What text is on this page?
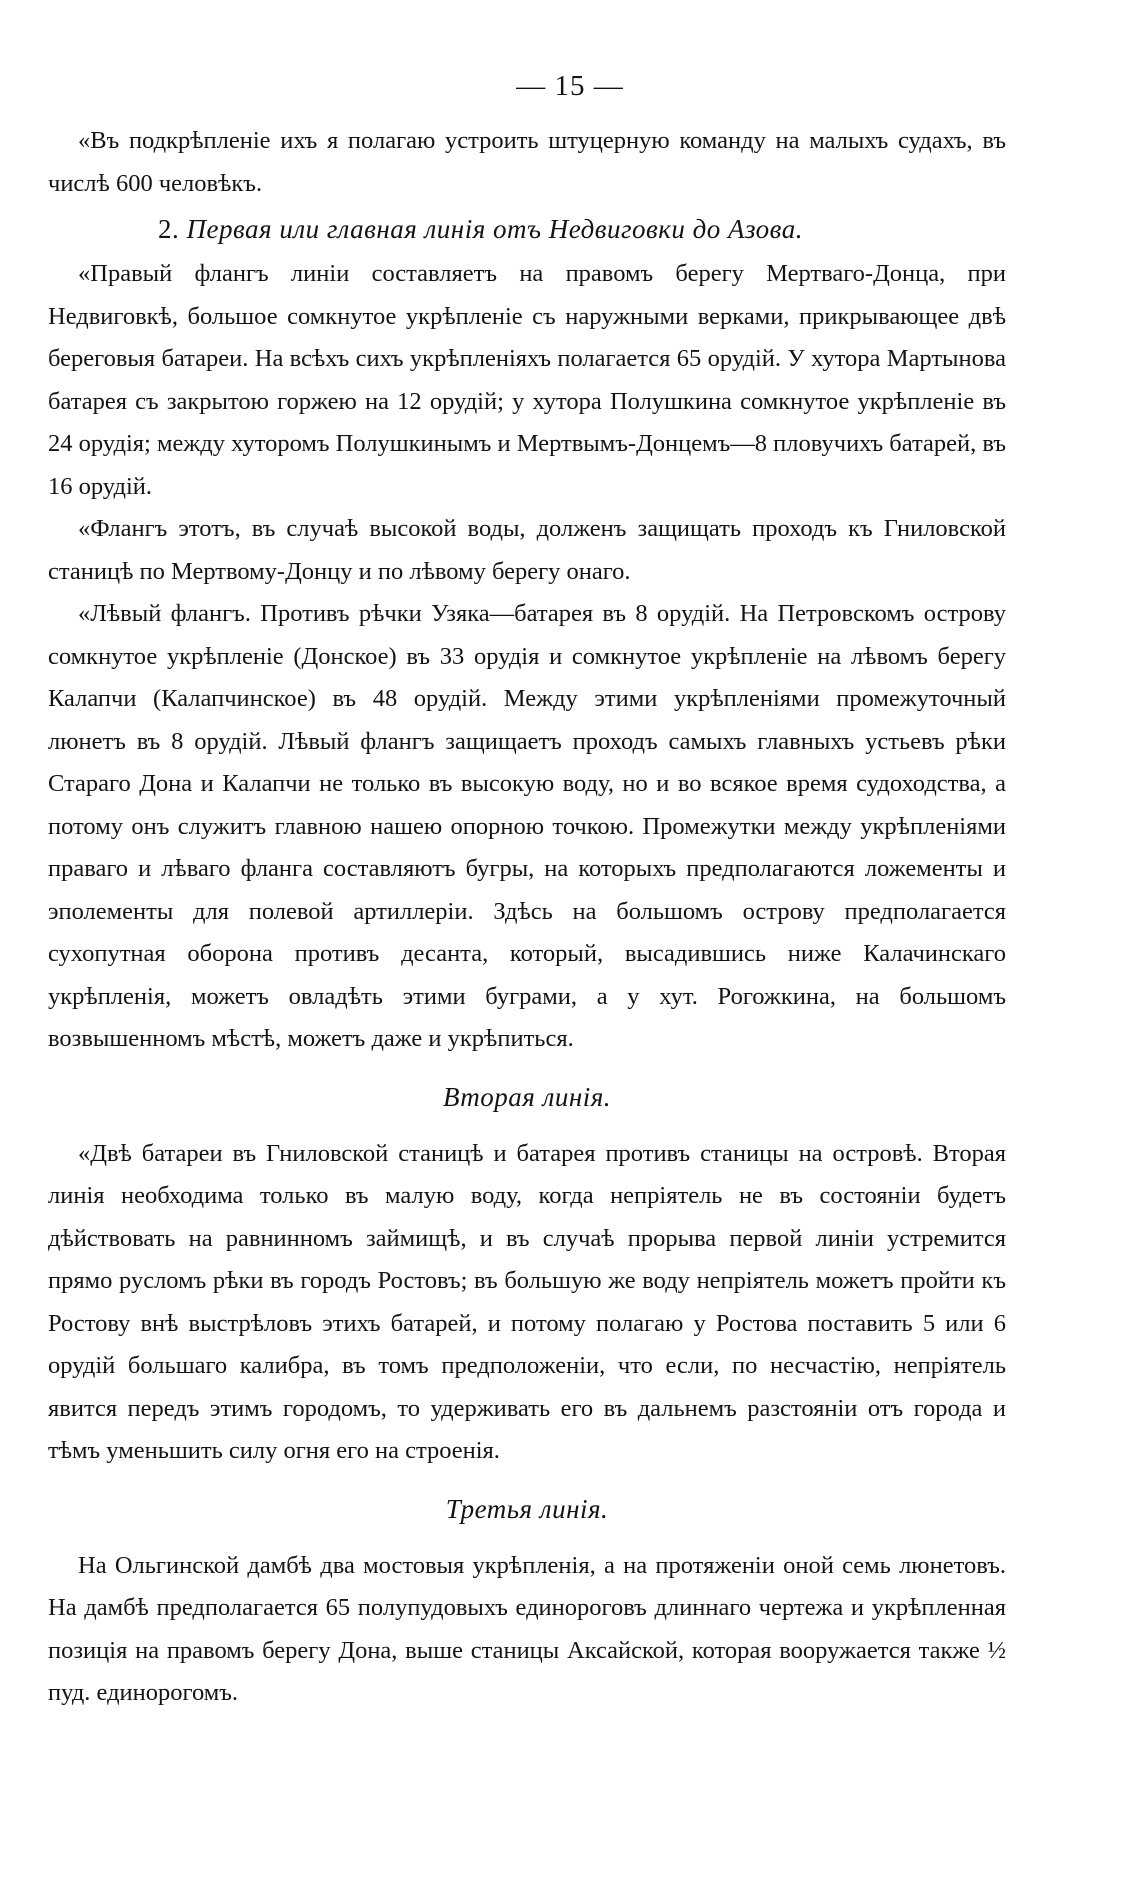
— 15 —

«Въ подкрѣпленіе ихъ я полагаю устроить штуцерную команду на малыхъ судахъ, въ числѣ 600 человѣкъ.

2. Первая или главная линія отъ Недвиговки до Азова.

«Правый флангъ линіи составляетъ на правомъ берегу Мертваго-Донца, при Недвиговкѣ, большое сомкнутое укрѣпленіе съ наружными верками, прикрывающее двѣ береговыя батареи. На всѣхъ сихъ укрѣпленіяхъ полагается 65 орудій. У хутора Мартынова батарея съ закрытою горжею на 12 орудій; у хутора Полушкина сомкнутое укрѣпленіе въ 24 орудія; между хуторомъ Полушкинымъ и Мертвымъ-Донцемъ—8 пловучихъ батарей, въ 16 орудій.

«Флангъ этотъ, въ случаѣ высокой воды, долженъ защищать проходъ къ Гниловской станицѣ по Мертвому-Донцу и по лѣвому берегу онаго.

«Лѣвый флангъ. Противъ рѣчки Узяка—батарея въ 8 орудій. На Петровскомъ острову сомкнутое укрѣпленіе (Донское) въ 33 орудія и сомкнутое укрѣпленіе на лѣвомъ берегу Калапчи (Калапчинское) въ 48 орудій. Между этими укрѣпленіями промежуточный люнетъ въ 8 орудій. Лѣвый флангъ защищаетъ проходъ самыхъ главныхъ устьевъ рѣки Стараго Дона и Калапчи не только въ высокую воду, но и во всякое время судоходства, а потому онъ служитъ главною нашею опорною точкою. Промежутки между укрѣпленіями праваго и лѣваго фланга составляютъ бугры, на которыхъ предполагаются ложементы и эполементы для полевой артиллеріи. Здѣсь на большомъ острову предполагается сухопутная оборона противъ десанта, который, высадившись ниже Калачинскаго укрѣпленія, можетъ овладѣть этими буграми, а у хут. Рогожкина, на большомъ возвышенномъ мѣстѣ, можетъ даже и укрѣпиться.

Вторая линія.

«Двѣ батареи въ Гниловской станицѣ и батарея противъ станицы на островѣ. Вторая линія необходима только въ малую воду, когда непріятель не въ состояніи будетъ дѣйствовать на равнинномъ займищѣ, и въ случаѣ прорыва первой линіи устремится прямо русломъ рѣки въ городъ Ростовъ; въ большую же воду непріятель можетъ пройти къ Ростову внѣ выстрѣловъ этихъ батарей, и потому полагаю у Ростова поставить 5 или 6 орудій большаго калибра, въ томъ предположеніи, что если, по несчастію, непріятель явится передъ этимъ городомъ, то удерживать его въ дальнемъ разстояніи отъ города и тѣмъ уменьшить силу огня его на строенія.

Третья линія.

На Ольгинской дамбѣ два мостовыя укрѣпленія, а на протяженіи оной семь люнетовъ. На дамбѣ предполагается 65 полупудовыхъ единороговъ длиннаго чертежа и укрѣпленная позиція на правомъ берегу Дона, выше станицы Аксайской, которая вооружается также ½ пуд. единорогомъ.
